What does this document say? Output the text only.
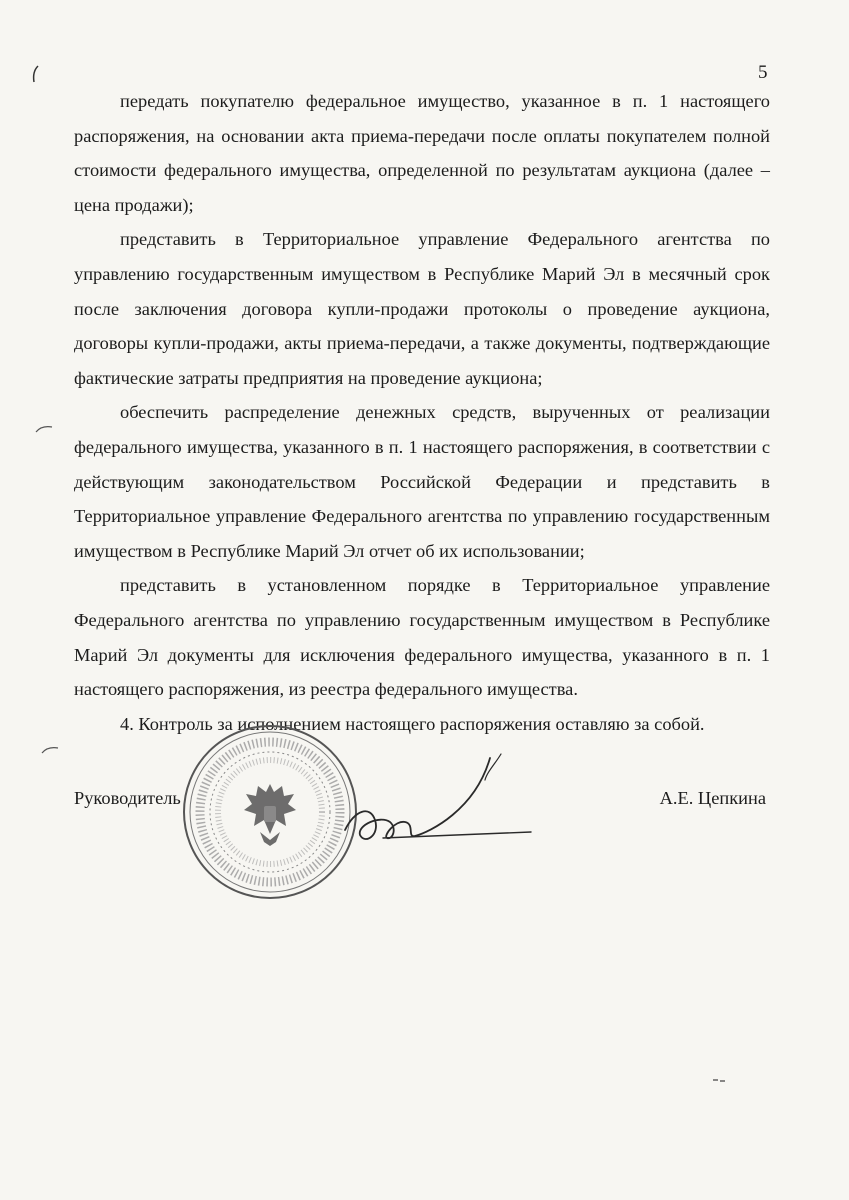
5

передать покупателю федеральное имущество, указанное в п. 1 настоящего распоряжения, на основании акта приема-передачи после оплаты покупателем полной стоимости федерального имущества, определенной по результатам аукциона (далее – цена продажи);

представить в Территориальное управление Федерального агентства по управлению государственным имуществом в Республике Марий Эл в месячный срок после заключения договора купли-продажи протоколы о проведение аукциона, договоры купли-продажи, акты приема-передачи, а также документы, подтверждающие фактические затраты предприятия на проведение аукциона;

обеспечить распределение денежных средств, вырученных от реализации федерального имущества, указанного в п. 1 настоящего распоряжения, в соответствии с действующим законодательством Российской Федерации и представить в Территориальное управление Федерального агентства по управлению государственным имуществом в Республике Марий Эл отчет об их использовании;

представить в установленном порядке в Территориальное управление Федерального агентства по управлению государственным имуществом в Республике Марий Эл документы для исключения федерального имущества, указанного в п. 1 настоящего распоряжения, из реестра федерального имущества.

4. Контроль за исполнением настоящего распоряжения оставляю за собой.

Руководитель	А.Е. Цепкина
